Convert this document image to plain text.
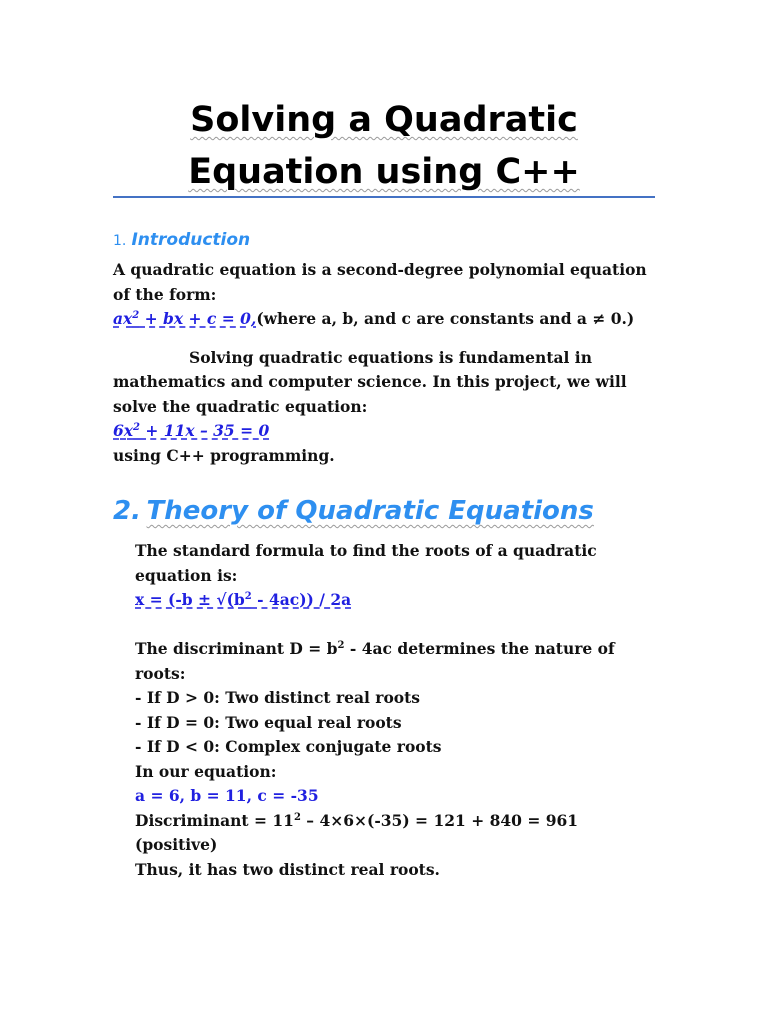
Solving a Quadratic
Equation using C++
1. Introduction

A quadratic equation is a second-degree polynomial equation of the form:

$ax^2$ + bx + c = 0,(where a, b, and c are constants and a ≠ 0.)

Solving quadratic equations is fundamental in mathematics and computer science. In this project, we will solve the quadratic equation:

$6x^2 + 11x - 35 = 0$

using C++ programming.

2. Theory of Quadratic Equations

The standard formula to find the roots of a quadratic equation is:

$x = (-b \pm √(b^2 - 4ac)) / 2a$

The discriminant $D = b^2 - 4ac$ determines the nature of roots:

- If D > 0: Two distinct real roots

- If D = 0: Two equal real roots

- If D < 0: Complex conjugate roots

In our equation:

a = 6, b = 11, c = -35

Discriminant = $11^2 - 4\times 6\times(-35) = 121 + 840 = 961$ (positive)

Thus, it has two distinct real roots.
